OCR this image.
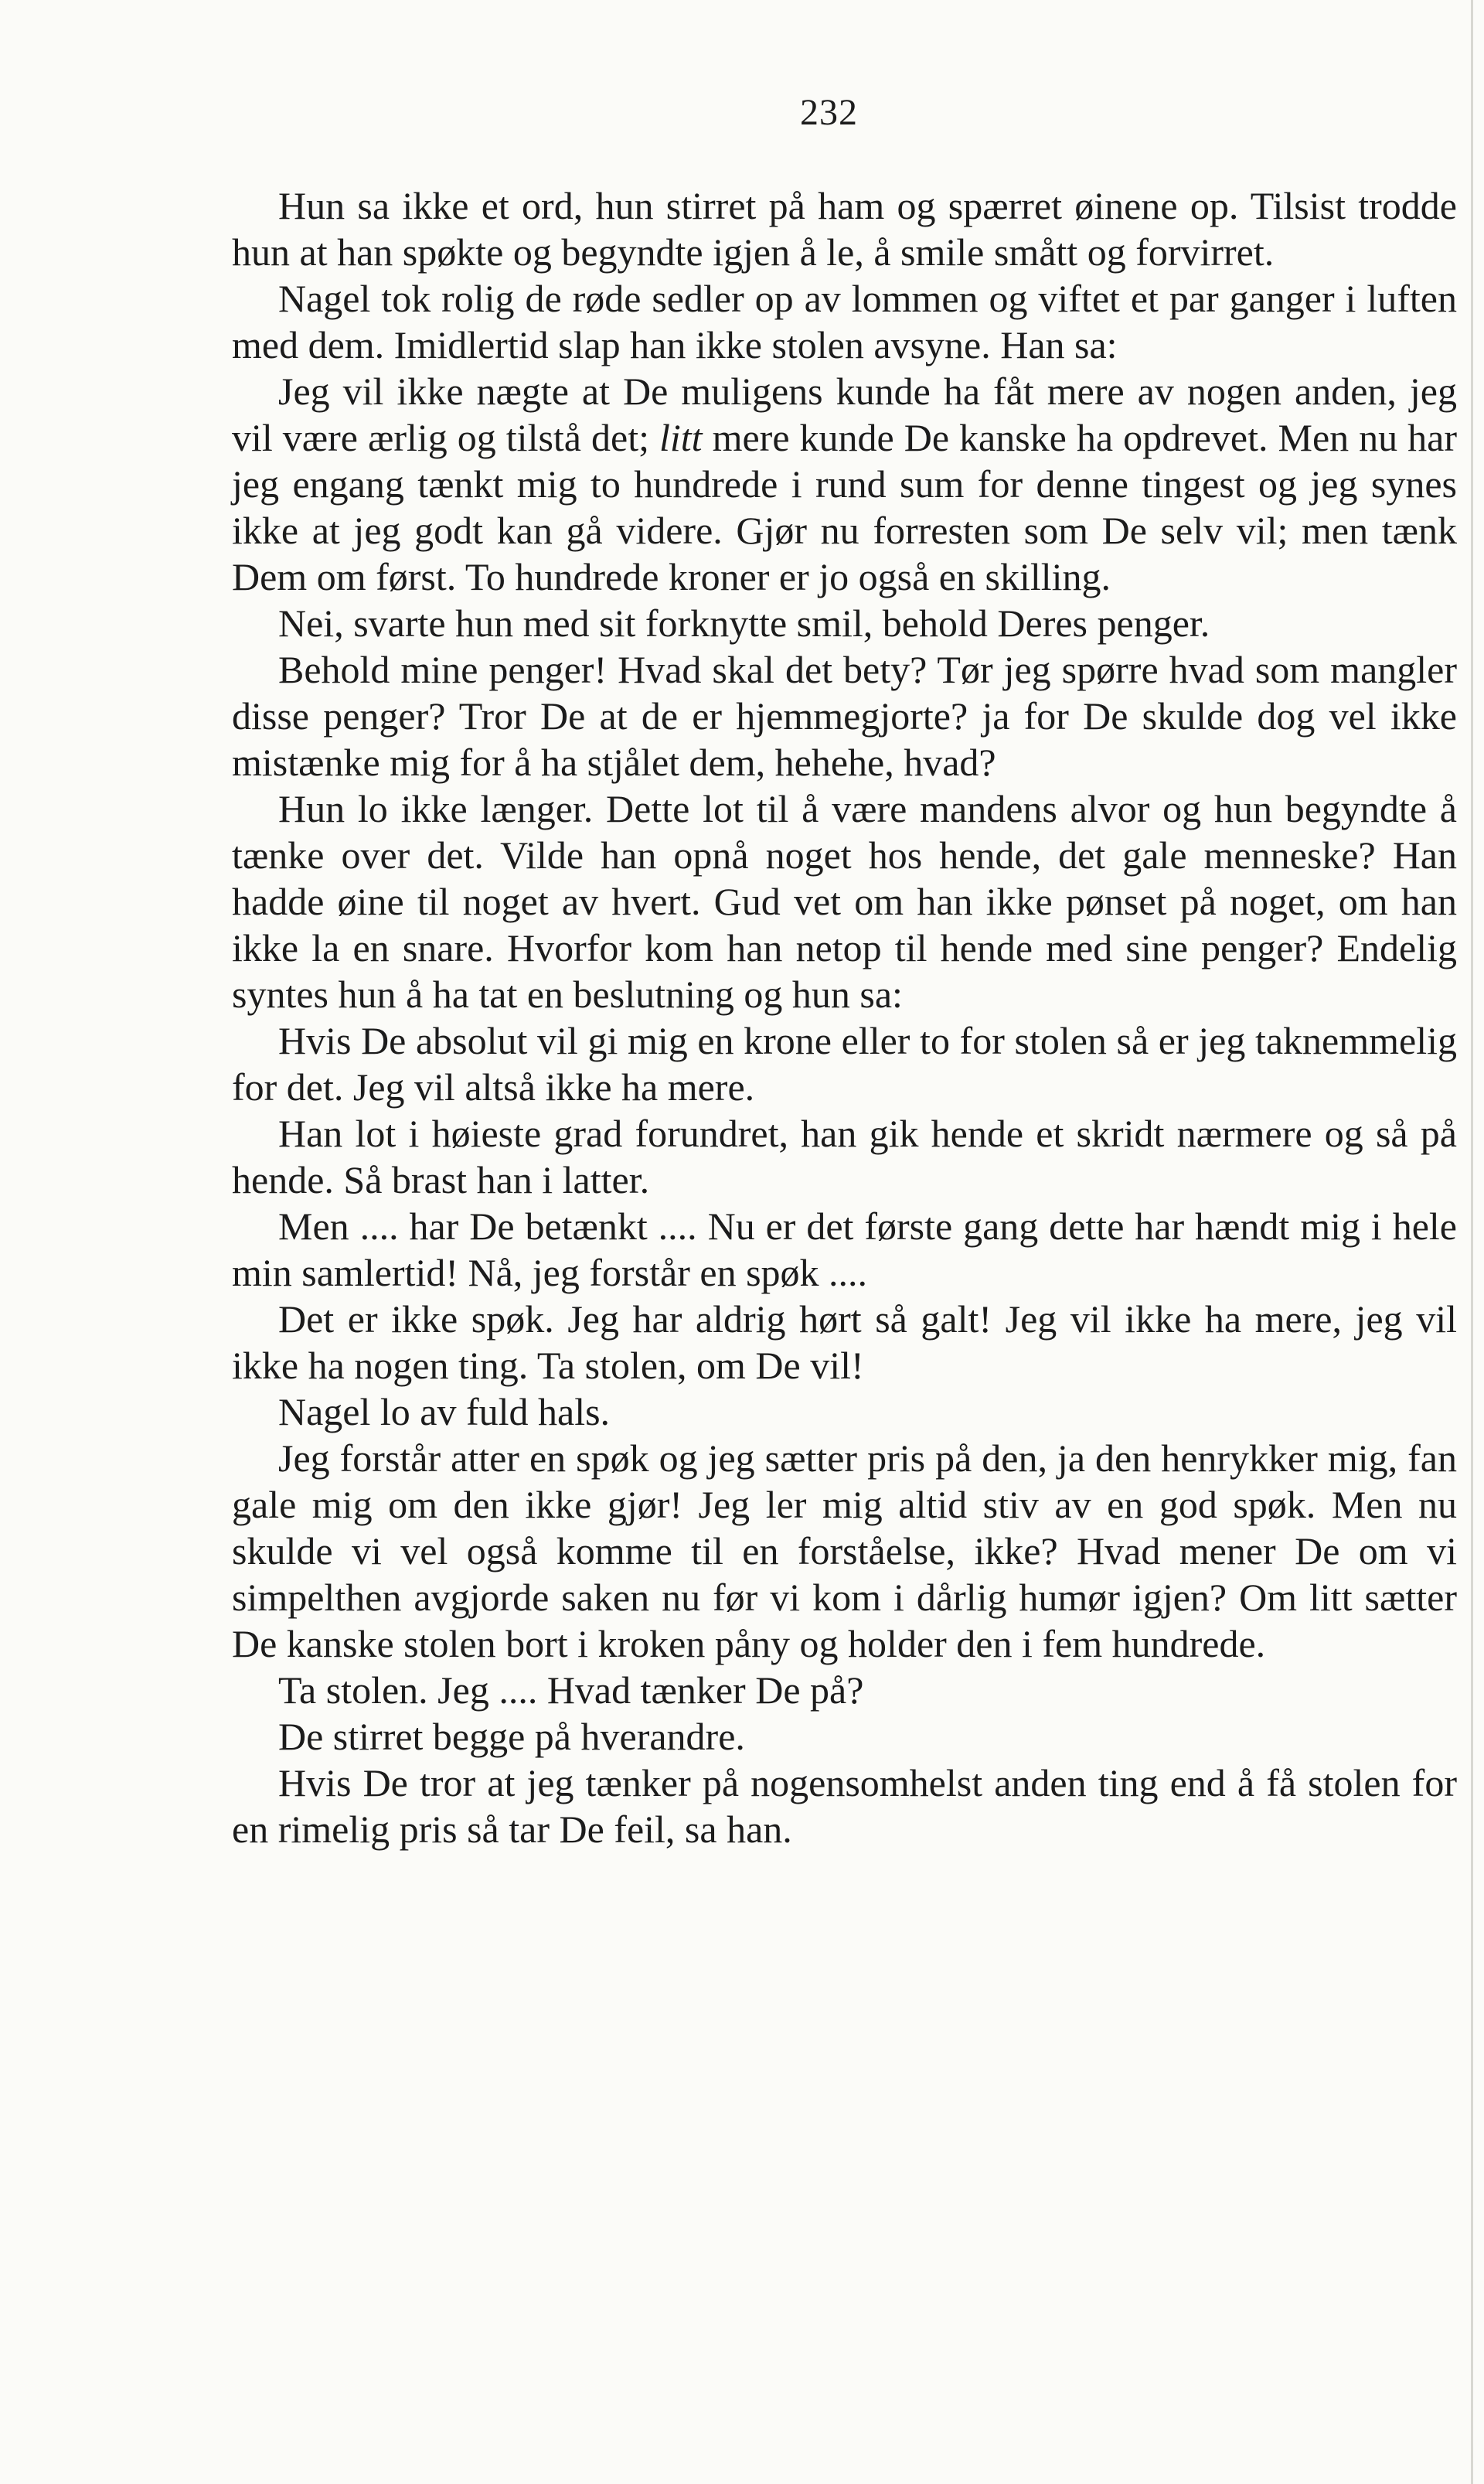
232

Hun sa ikke et ord, hun stirret på ham og spærret øinene op. Tilsist trodde hun at han spøkte og begyndte igjen å le, å smile smått og forvirret.

Nagel tok rolig de røde sedler op av lommen og viftet et par ganger i luften med dem. Imidlertid slap han ikke stolen avsyne. Han sa:

Jeg vil ikke nægte at De muligens kunde ha fåt mere av nogen anden, jeg vil være ærlig og tilstå det; litt mere kunde De kanske ha opdrevet. Men nu har jeg engang tænkt mig to hundrede i rund sum for denne tingest og jeg synes ikke at jeg godt kan gå videre. Gjør nu forresten som De selv vil; men tænk Dem om først. To hundrede kroner er jo også en skilling.

Nei, svarte hun med sit forknytte smil, behold Deres penger.

Behold mine penger! Hvad skal det bety? Tør jeg spørre hvad som mangler disse penger? Tror De at de er hjemmegjorte? ja for De skulde dog vel ikke mistænke mig for å ha stjålet dem, hehehe, hvad?

Hun lo ikke længer. Dette lot til å være mandens alvor og hun begyndte å tænke over det. Vilde han opnå noget hos hende, det gale menneske? Han hadde øine til noget av hvert. Gud vet om han ikke pønset på noget, om han ikke la en snare. Hvorfor kom han netop til hende med sine penger? Endelig syntes hun å ha tat en beslutning og hun sa:

Hvis De absolut vil gi mig en krone eller to for stolen så er jeg taknemmelig for det. Jeg vil altså ikke ha mere.

Han lot i høieste grad forundret, han gik hende et skridt nærmere og så på hende. Så brast han i latter.

Men .... har De betænkt .... Nu er det første gang dette har hændt mig i hele min samlertid! Nå, jeg forstår en spøk ....

Det er ikke spøk. Jeg har aldrig hørt så galt! Jeg vil ikke ha mere, jeg vil ikke ha nogen ting. Ta stolen, om De vil!

Nagel lo av fuld hals.

Jeg forstår atter en spøk og jeg sætter pris på den, ja den henrykker mig, fan gale mig om den ikke gjør! Jeg ler mig altid stiv av en god spøk. Men nu skulde vi vel også komme til en forståelse, ikke? Hvad mener De om vi simpelthen avgjorde saken nu før vi kom i dårlig humør igjen? Om litt sætter De kanske stolen bort i kroken påny og holder den i fem hundrede.

Ta stolen. Jeg .... Hvad tænker De på?

De stirret begge på hverandre.

Hvis De tror at jeg tænker på nogensomhelst anden ting end å få stolen for en rimelig pris så tar De feil, sa han.
